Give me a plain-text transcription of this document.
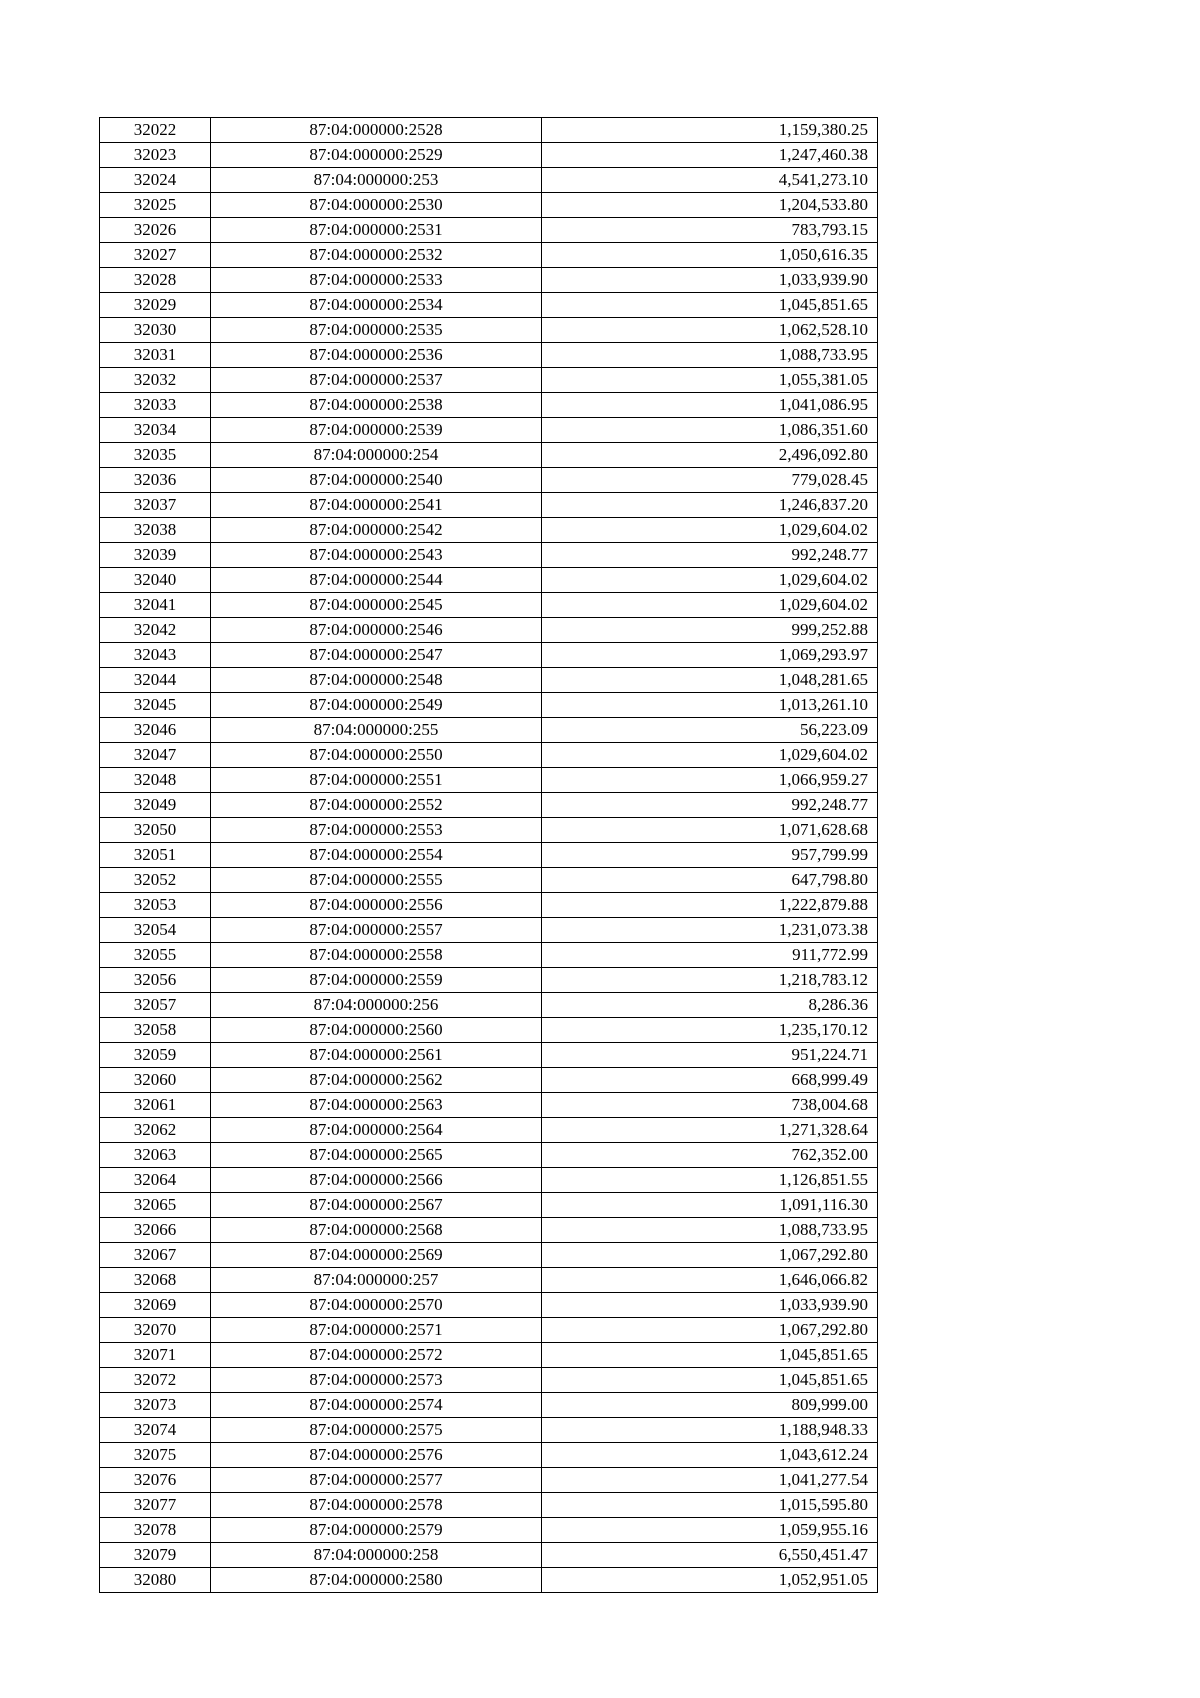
32022	87:04:000000:2528	1,159,380.25
32023	87:04:000000:2529	1,247,460.38
32024	87:04:000000:253	4,541,273.10
32025	87:04:000000:2530	1,204,533.80
32026	87:04:000000:2531	783,793.15
32027	87:04:000000:2532	1,050,616.35
32028	87:04:000000:2533	1,033,939.90
32029	87:04:000000:2534	1,045,851.65
32030	87:04:000000:2535	1,062,528.10
32031	87:04:000000:2536	1,088,733.95
32032	87:04:000000:2537	1,055,381.05
32033	87:04:000000:2538	1,041,086.95
32034	87:04:000000:2539	1,086,351.60
32035	87:04:000000:254	2,496,092.80
32036	87:04:000000:2540	779,028.45
32037	87:04:000000:2541	1,246,837.20
32038	87:04:000000:2542	1,029,604.02
32039	87:04:000000:2543	992,248.77
32040	87:04:000000:2544	1,029,604.02
32041	87:04:000000:2545	1,029,604.02
32042	87:04:000000:2546	999,252.88
32043	87:04:000000:2547	1,069,293.97
32044	87:04:000000:2548	1,048,281.65
32045	87:04:000000:2549	1,013,261.10
32046	87:04:000000:255	56,223.09
32047	87:04:000000:2550	1,029,604.02
32048	87:04:000000:2551	1,066,959.27
32049	87:04:000000:2552	992,248.77
32050	87:04:000000:2553	1,071,628.68
32051	87:04:000000:2554	957,799.99
32052	87:04:000000:2555	647,798.80
32053	87:04:000000:2556	1,222,879.88
32054	87:04:000000:2557	1,231,073.38
32055	87:04:000000:2558	911,772.99
32056	87:04:000000:2559	1,218,783.12
32057	87:04:000000:256	8,286.36
32058	87:04:000000:2560	1,235,170.12
32059	87:04:000000:2561	951,224.71
32060	87:04:000000:2562	668,999.49
32061	87:04:000000:2563	738,004.68
32062	87:04:000000:2564	1,271,328.64
32063	87:04:000000:2565	762,352.00
32064	87:04:000000:2566	1,126,851.55
32065	87:04:000000:2567	1,091,116.30
32066	87:04:000000:2568	1,088,733.95
32067	87:04:000000:2569	1,067,292.80
32068	87:04:000000:257	1,646,066.82
32069	87:04:000000:2570	1,033,939.90
32070	87:04:000000:2571	1,067,292.80
32071	87:04:000000:2572	1,045,851.65
32072	87:04:000000:2573	1,045,851.65
32073	87:04:000000:2574	809,999.00
32074	87:04:000000:2575	1,188,948.33
32075	87:04:000000:2576	1,043,612.24
32076	87:04:000000:2577	1,041,277.54
32077	87:04:000000:2578	1,015,595.80
32078	87:04:000000:2579	1,059,955.16
32079	87:04:000000:258	6,550,451.47
32080	87:04:000000:2580	1,052,951.05
